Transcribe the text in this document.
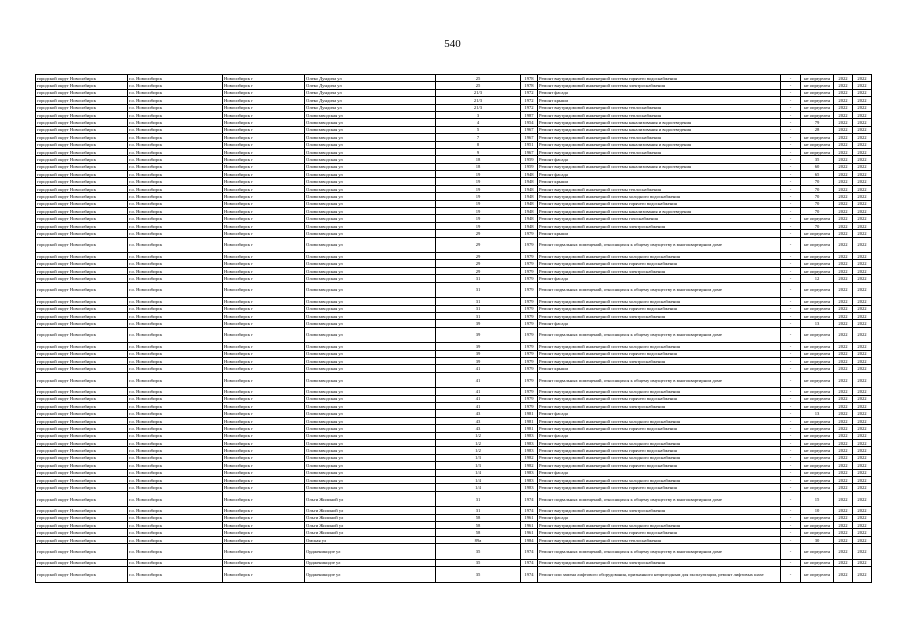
540
городской округ Новосибирск	г.о. Новосибирск	Новосибирск г	Олеко Дундича ул	25	1978	Ремонт внутридомовой инженерной системы горячего водоснабжения	-	не определен	2022	2022
городской округ Новосибирск	г.о. Новосибирск	Новосибирск г	Олеко Дундича ул	25	1978	Ремонт внутридомовой инженерной системы электроснабжения	-	не определен	2022	2022
городской округ Новосибирск	г.о. Новосибирск	Новосибирск г	Олеко Дундича ул	21/3	1972	Ремонт фасада	-	не определен	2022	2022
городской округ Новосибирск	г.о. Новосибирск	Новосибирск г	Олеко Дундича ул	21/3	1972	Ремонт крыши	-	не определен	2022	2022
городской округ Новосибирск	г.о. Новосибирск	Новосибирск г	Олеко Дундича ул	21/3	1972	Ремонт внутридомовой инженерной системы теплоснабжения	-	не определен	2022	2022
городской округ Новосибирск	г.о. Новосибирск	Новосибирск г	Оловозаводская ул	3	1987	Ремонт внутридомовой инженерной системы теплоснабжения	-	не определен	2022	2022
городской округ Новосибирск	г.о. Новосибирск	Новосибирск г	Оловозаводская ул	4	1954	Ремонт внутридомовой инженерной системы канализования и водоотведения	-	79	2022	2022
городской округ Новосибирск	г.о. Новосибирск	Новосибирск г	Оловозаводская ул	5	1967	Ремонт внутридомовой инженерной системы канализования и водоотведения	-	28	2022	2022
городской округ Новосибирск	г.о. Новосибирск	Новосибирск г	Оловозаводская ул	7	1967	Ремонт внутридомовой инженерной системы теплоснабжения	-	не определен	2022	2022
городской округ Новосибирск	г.о. Новосибирск	Новосибирск г	Оловозаводская ул	8	1951	Ремонт внутридомовой инженерной системы канализования и водоотведения	-	не определен	2022	2022
городской округ Новосибирск	г.о. Новосибирск	Новосибирск г	Оловозаводская ул	9	1967	Ремонт внутридомовой инженерной системы теплоснабжения	-	не определен	2022	2022
городской округ Новосибирск	г.о. Новосибирск	Новосибирск г	Оловозаводская ул	18	1959	Ремонт фасада	-	35	2022	2022
городской округ Новосибирск	г.о. Новосибирск	Новосибирск г	Оловозаводская ул	18	1959	Ремонт внутридомовой инженерной системы канализования и водоотведения	-	60	2022	2022
городской округ Новосибирск	г.о. Новосибирск	Новосибирск г	Оловозаводская ул	19	1948	Ремонт фасада	-	65	2022	2022
городской округ Новосибирск	г.о. Новосибирск	Новосибирск г	Оловозаводская ул	19	1948	Ремонт крыши	-	70	2022	2022
городской округ Новосибирск	г.о. Новосибирск	Новосибирск г	Оловозаводская ул	19	1948	Ремонт внутридомовой инженерной системы теплоснабжения	-	70	2022	2022
городской округ Новосибирск	г.о. Новосибирск	Новосибирск г	Оловозаводская ул	19	1948	Ремонт внутридомовой инженерной системы холодного водоснабжения	-	70	2022	2022
городской округ Новосибирск	г.о. Новосибирск	Новосибирск г	Оловозаводская ул	19	1948	Ремонт внутридомовой инженерной системы горячего водоснабжения	-	70	2022	2022
городской округ Новосибирск	г.о. Новосибирск	Новосибирск г	Оловозаводская ул	19	1948	Ремонт внутридомовой инженерной системы канализования и водоотведения	-	70	2022	2022
городской округ Новосибирск	г.о. Новосибирск	Новосибирск г	Оловозаводская ул	19	1948	Ремонт внутридомовой инженерной системы газоснабжения	-	не определен	2022	2022
городской округ Новосибирск	г.о. Новосибирск	Новосибирск г	Оловозаводская ул	19	1948	Ремонт внутридомовой инженерной системы электроснабжения	-	70	2022	2022
городской округ Новосибирск	г.о. Новосибирск	Новосибирск г	Оловозаводская ул	29	1979	Ремонт крыши	-	не определен	2022	2022
городской округ Новосибирск	г.о. Новосибирск	Новосибирск г	Оловозаводская ул	29	1979	Ремонт подвальных помещений, относящихся к общему имуществу в многоквартирном доме	-	не определен	2022	2022
городской округ Новосибирск	г.о. Новосибирск	Новосибирск г	Оловозаводская ул	29	1979	Ремонт внутридомовой инженерной системы холодного водоснабжения	-	не определен	2022	2022
городской округ Новосибирск	г.о. Новосибирск	Новосибирск г	Оловозаводская ул	29	1979	Ремонт внутридомовой инженерной системы горячего водоснабжения	-	не определен	2022	2022
городской округ Новосибирск	г.о. Новосибирск	Новосибирск г	Оловозаводская ул	29	1979	Ремонт внутридомовой инженерной системы электроснабжения	-	не определен	2022	2022
городской округ Новосибирск	г.о. Новосибирск	Новосибирск г	Оловозаводская ул	31	1979	Ремонт фасада	-	12	2022	2022
городской округ Новосибирск	г.о. Новосибирск	Новосибирск г	Оловозаводская ул	31	1979	Ремонт подвальных помещений, относящихся к общему имуществу в многоквартирном доме	-	не определен	2022	2022
городской округ Новосибирск	г.о. Новосибирск	Новосибирск г	Оловозаводская ул	31	1979	Ремонт внутридомовой инженерной системы холодного водоснабжения	-	не определен	2022	2022
городской округ Новосибирск	г.о. Новосибирск	Новосибирск г	Оловозаводская ул	31	1979	Ремонт внутридомовой инженерной системы горячего водоснабжения	-	не определен	2022	2022
городской округ Новосибирск	г.о. Новосибирск	Новосибирск г	Оловозаводская ул	31	1979	Ремонт внутридомовой инженерной системы электроснабжения	-	не определен	2022	2022
городской округ Новосибирск	г.о. Новосибирск	Новосибирск г	Оловозаводская ул	39	1979	Ремонт фасада	-	13	2022	2022
городской округ Новосибирск	г.о. Новосибирск	Новосибирск г	Оловозаводская ул	39	1979	Ремонт подвальных помещений, относящихся к общему имуществу в многоквартирном доме	-	не определен	2022	2022
городской округ Новосибирск	г.о. Новосибирск	Новосибирск г	Оловозаводская ул	39	1979	Ремонт внутридомовой инженерной системы холодного водоснабжения	-	не определен	2022	2022
городской округ Новосибирск	г.о. Новосибирск	Новосибирск г	Оловозаводская ул	39	1979	Ремонт внутридомовой инженерной системы горячего водоснабжения	-	не определен	2022	2022
городской округ Новосибирск	г.о. Новосибирск	Новосибирск г	Оловозаводская ул	39	1979	Ремонт внутридомовой инженерной системы электроснабжения	-	не определен	2022	2022
городской округ Новосибирск	г.о. Новосибирск	Новосибирск г	Оловозаводская ул	41	1979	Ремонт крыши	-	не определен	2022	2022
городской округ Новосибирск	г.о. Новосибирск	Новосибирск г	Оловозаводская ул	41	1979	Ремонт подвальных помещений, относящихся к общему имуществу в многоквартирном доме	-	не определен	2022	2022
городской округ Новосибирск	г.о. Новосибирск	Новосибирск г	Оловозаводская ул	41	1979	Ремонт внутридомовой инженерной системы холодного водоснабжения	-	не определен	2022	2022
городской округ Новосибирск	г.о. Новосибирск	Новосибирск г	Оловозаводская ул	41	1979	Ремонт внутридомовой инженерной системы горячего водоснабжения	-	не определен	2022	2022
городской округ Новосибирск	г.о. Новосибирск	Новосибирск г	Оловозаводская ул	41	1979	Ремонт внутридомовой инженерной системы электроснабжения	-	не определен	2022	2022
городской округ Новосибирск	г.о. Новосибирск	Новосибирск г	Оловозаводская ул	43	1981	Ремонт фасада	-	13	2022	2022
городской округ Новосибирск	г.о. Новосибирск	Новосибирск г	Оловозаводская ул	43	1981	Ремонт внутридомовой инженерной системы холодного водоснабжения	-	не определен	2022	2022
городской округ Новосибирск	г.о. Новосибирск	Новосибирск г	Оловозаводская ул	43	1981	Ремонт внутридомовой инженерной системы горячего водоснабжения	-	не определен	2022	2022
городской округ Новосибирск	г.о. Новосибирск	Новосибирск г	Оловозаводская ул	1/2	1983	Ремонт фасада	-	не определен	2022	2022
городской округ Новосибирск	г.о. Новосибирск	Новосибирск г	Оловозаводская ул	1/2	1983	Ремонт внутридомовой инженерной системы холодного водоснабжения	-	не определен	2022	2022
городской округ Новосибирск	г.о. Новосибирск	Новосибирск г	Оловозаводская ул	1/2	1983	Ремонт внутридомовой инженерной системы горячего водоснабжения	-	не определен	2022	2022
городской округ Новосибирск	г.о. Новосибирск	Новосибирск г	Оловозаводская ул	1/3	1982	Ремонт внутридомовой инженерной системы холодного водоснабжения	-	не определен	2022	2022
городской округ Новосибирск	г.о. Новосибирск	Новосибирск г	Оловозаводская ул	1/3	1982	Ремонт внутридомовой инженерной системы горячего водоснабжения	-	не определен	2022	2022
городской округ Новосибирск	г.о. Новосибирск	Новосибирск г	Оловозаводская ул	1/4	1983	Ремонт фасада	-	не определен	2022	2022
городской округ Новосибирск	г.о. Новосибирск	Новосибирск г	Оловозаводская ул	1/4	1983	Ремонт внутридомовой инженерной системы холодного водоснабжения	-	не определен	2022	2022
городской округ Новосибирск	г.о. Новосибирск	Новосибирск г	Оловозаводская ул	1/4	1983	Ремонт внутридомовой инженерной системы горячего водоснабжения	-	не определен	2022	2022
городской округ Новосибирск	г.о. Новосибирск	Новосибирск г	Ольги Жилиной ул	31	1974	Ремонт подвальных помещений, относящихся к общему имуществу в многоквартирном доме	-	15	2022	2022
городской округ Новосибирск	г.о. Новосибирск	Новосибирск г	Ольги Жилиной ул	31	1974	Ремонт внутридомовой инженерной системы электроснабжения	-	10	2022	2022
городской округ Новосибирск	г.о. Новосибирск	Новосибирск г	Ольги Жилиной ул	58	1961	Ремонт фасада	-	не определен	2022	2022
городской округ Новосибирск	г.о. Новосибирск	Новосибирск г	Ольги Жилиной ул	58	1961	Ремонт внутридомовой инженерной системы холодного водоснабжения	-	не определен	2022	2022
городской округ Новосибирск	г.о. Новосибирск	Новосибирск г	Ольги Жилиной ул	58	1961	Ремонт внутридомовой инженерной системы горячего водоснабжения	-	не определен	2022	2022
городской округ Новосибирск	г.о. Новосибирск	Новосибирск г	Омская ул	89а	1984	Ремонт внутридомовой инженерной системы теплоснабжения	-	30	2022	2022
городской округ Новосибирск	г.о. Новосибирск	Новосибирск г	Ордженикидзе ул	35	1974	Ремонт подвальных помещений, относящихся к общему имуществу в многоквартирном доме	-	не определен	2022	2022
городской округ Новосибирск	г.о. Новосибирск	Новосибирск г	Ордженикидзе ул	35	1974	Ремонт внутридомовой инженерной системы электроснабжения	-	не определен	2022	2022
городской округ Новосибирск	г.о. Новосибирск	Новосибирск г	Ордженикидзе ул	35	1974	Ремонт или замена лифтового оборудования, признанного непригодным для эксплуатации, ремонт лифтовых шахт	-	не определен	2022	2022
